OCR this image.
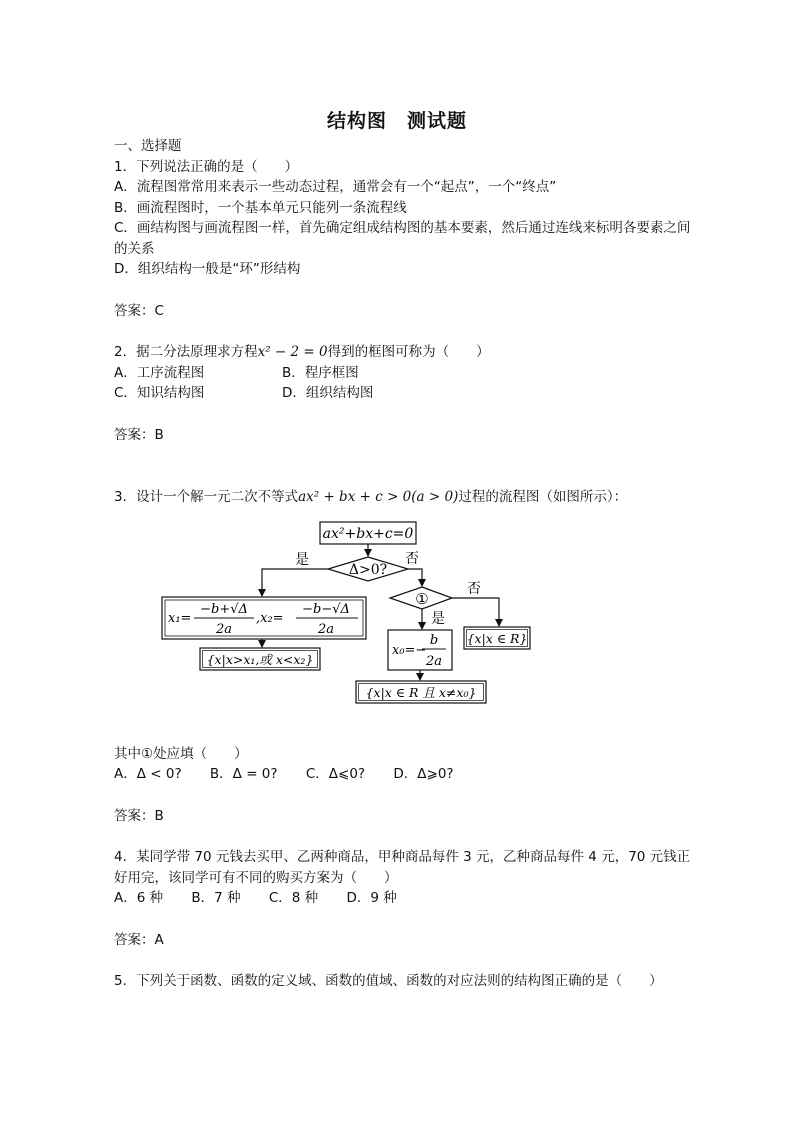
结构图　测试题
一、选择题
1．下列说法正确的是（　　）
A．流程图常常用来表示一些动态过程，通常会有一个“起点”，一个“终点”
B．画流程图时，一个基本单元只能列一条流程线
C．画结构图与画流程图一样，首先确定组成结构图的基本要素，然后通过连线来标明各要素之间的关系
D．组织结构一般是“环”形结构
答案：C
2．据二分法原理求方程x² − 2 = 0得到的框图可称为（　　）
A．工序流程图	B．程序框图
C．知识结构图	D．组织结构图
答案：B
3．设计一个解一元二次不等式ax² + bx + c > 0(a > 0)过程的流程图（如图所示）：
ax²+bx+c=0
Δ>0?
是	否
①
否
是
x₁=
−b+√Δ
2a
,x₂=
−b−√Δ
2a
{x|x>x₁,或 x<x₂}
x₀=−
b
2a
{x|x ∈ R}
{x|x ∈ R 且 x≠x₀}
其中①处应填（　　）
A．Δ < 0? B．Δ = 0? C．Δ⩽0? D．Δ⩾0?
答案：B
4．某同学带 70 元钱去买甲、乙两种商品，甲种商品每件 3 元，乙种商品每件 4 元，70 元钱正好用完，该同学可有不同的购买方案为（　　）
A．6 种 B．7 种 C．8 种 D．9 种
答案：A
5．下列关于函数、函数的定义域、函数的值域、函数的对应法则的结构图正确的是（　　）
